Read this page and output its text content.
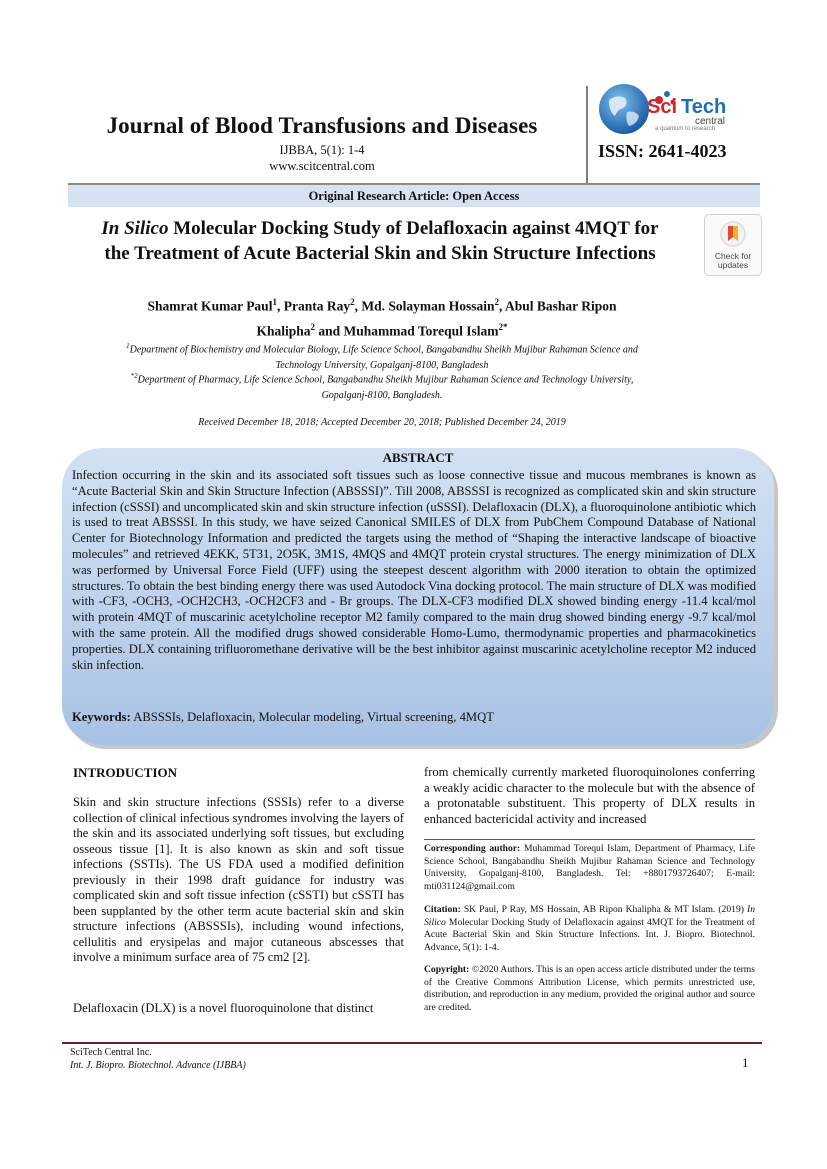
Journal of Blood Transfusions and Diseases
IJBBA, 5(1): 1-4
www.scitcentral.com
Sci Tech
central
a quantum to research.
ISSN: 2641-4023
Original Research Article: Open Access
In Silico Molecular Docking Study of Delafloxacin against 4MQT for
the Treatment of Acute Bacterial Skin and Skin Structure Infections	Check for
updates
Shamrat Kumar Paul$^1$, Pranta Ray$^2$, Md. Solayman Hossain$^2$, Abul Bashar Ripon
Khalipha$^2$ and Muhammad Torequl Islam$^{2*}$
$^1$Department of Biochemistry and Molecular Biology, Life Science School, Bangabandhu Sheikh Mujibur Rahaman Science and
Technology University, Gopalganj-8100, Bangladesh
$^{*2}$Department of Pharmacy, Life Science School, Bangabandhu Sheikh Mujibur Rahaman Science and Technology University,
Gopalganj-8100, Bangladesh.
Received December 18, 2018; Accepted December 20, 2018; Published December 24, 2019
ABSTRACT
Infection occurring in the skin and its associated soft tissues such as loose connective tissue and mucous membranes is known as “Acute Bacterial Skin and Skin Structure Infection (ABSSSI)”. Till 2008, ABSSSI is recognized as complicated skin and skin structure infection (cSSSI) and uncomplicated skin and skin structure infection (uSSSI). Delafloxacin (DLX), a fluoroquinolone antibiotic which is used to treat ABSSSI. In this study, we have seized Canonical SMILES of DLX from PubChem Compound Database of National Center for Biotechnology Information and predicted the targets using the method of “Shaping the interactive landscape of bioactive molecules” and retrieved 4EKK, 5T31, 2O5K, 3M1S, 4MQS and 4MQT protein crystal structures. The energy minimization of DLX was performed by Universal Force Field (UFF) using the steepest descent algorithm with 2000 iteration to obtain the optimized structures. To obtain the best binding energy there was used Autodock Vina docking protocol. The main structure of DLX was modified with -CF3, -OCH3, -OCH2CH3, -OCH2CF3 and - Br groups. The DLX-CF3 modified DLX showed binding energy -11.4 kcal/mol with protein 4MQT of muscarinic acetylcholine receptor M2 family compared to the main drug showed binding energy -9.7 kcal/mol with the same protein. All the modified drugs showed considerable Homo-Lumo, thermodynamic properties and pharmacokinetics properties. DLX containing trifluoromethane derivative will be the best inhibitor against muscarinic acetylcholine receptor M2 induced skin infection.
Keywords: ABSSSIs, Delafloxacin, Molecular modeling, Virtual screening, 4MQT
INTRODUCTION
Skin and skin structure infections (SSSIs) refer to a diverse collection of clinical infectious syndromes involving the layers of the skin and its associated underlying soft tissues, but excluding osseous tissue [1]. It is also known as skin and soft tissue infections (SSTIs). The US FDA used a modified definition previously in their 1998 draft guidance for industry was complicated skin and soft tissue infection (cSSTI) but cSSTI has been supplanted by the other term acute bacterial skin and skin structure infections (ABSSSIs), including wound infections, cellulitis and erysipelas and major cutaneous abscesses that involve a minimum surface area of 75 cm2 [2].
Delafloxacin (DLX) is a novel fluoroquinolone that distinct
from chemically currently marketed fluoroquinolones conferring a weakly acidic character to the molecule but with the absence of a protonatable substituent. This property of DLX results in enhanced bactericidal activity and increased
Corresponding author: Muhammad Torequl Islam, Department of Pharmacy, Life Science School, Bangabandhu Sheikh Mujibur Rahaman Science and Technology University, Gopalganj-8100, Bangladesh. Tel: +8801793726407; E-mail: mti031124@gmail.com
Citation: SK Paul, P Ray, MS Hossain, AB Ripon Khalipha & MT Islam. (2019) In Silico Molecular Docking Study of Delafloxacin against 4MQT for the Treatment of Acute Bacterial Skin and Skin Structure Infections. Int. J. Biopro. Biotechnol. Advance, 5(1): 1-4.
Copyright: ©2020 Authors. This is an open access article distributed under the terms of the Creative Commons Attribution License, which permits unrestricted use, distribution, and reproduction in any medium, provided the original author and source are credited.
SciTech Central Inc.
Int. J. Biopro. Biotechnol. Advance (IJBBA)	1
